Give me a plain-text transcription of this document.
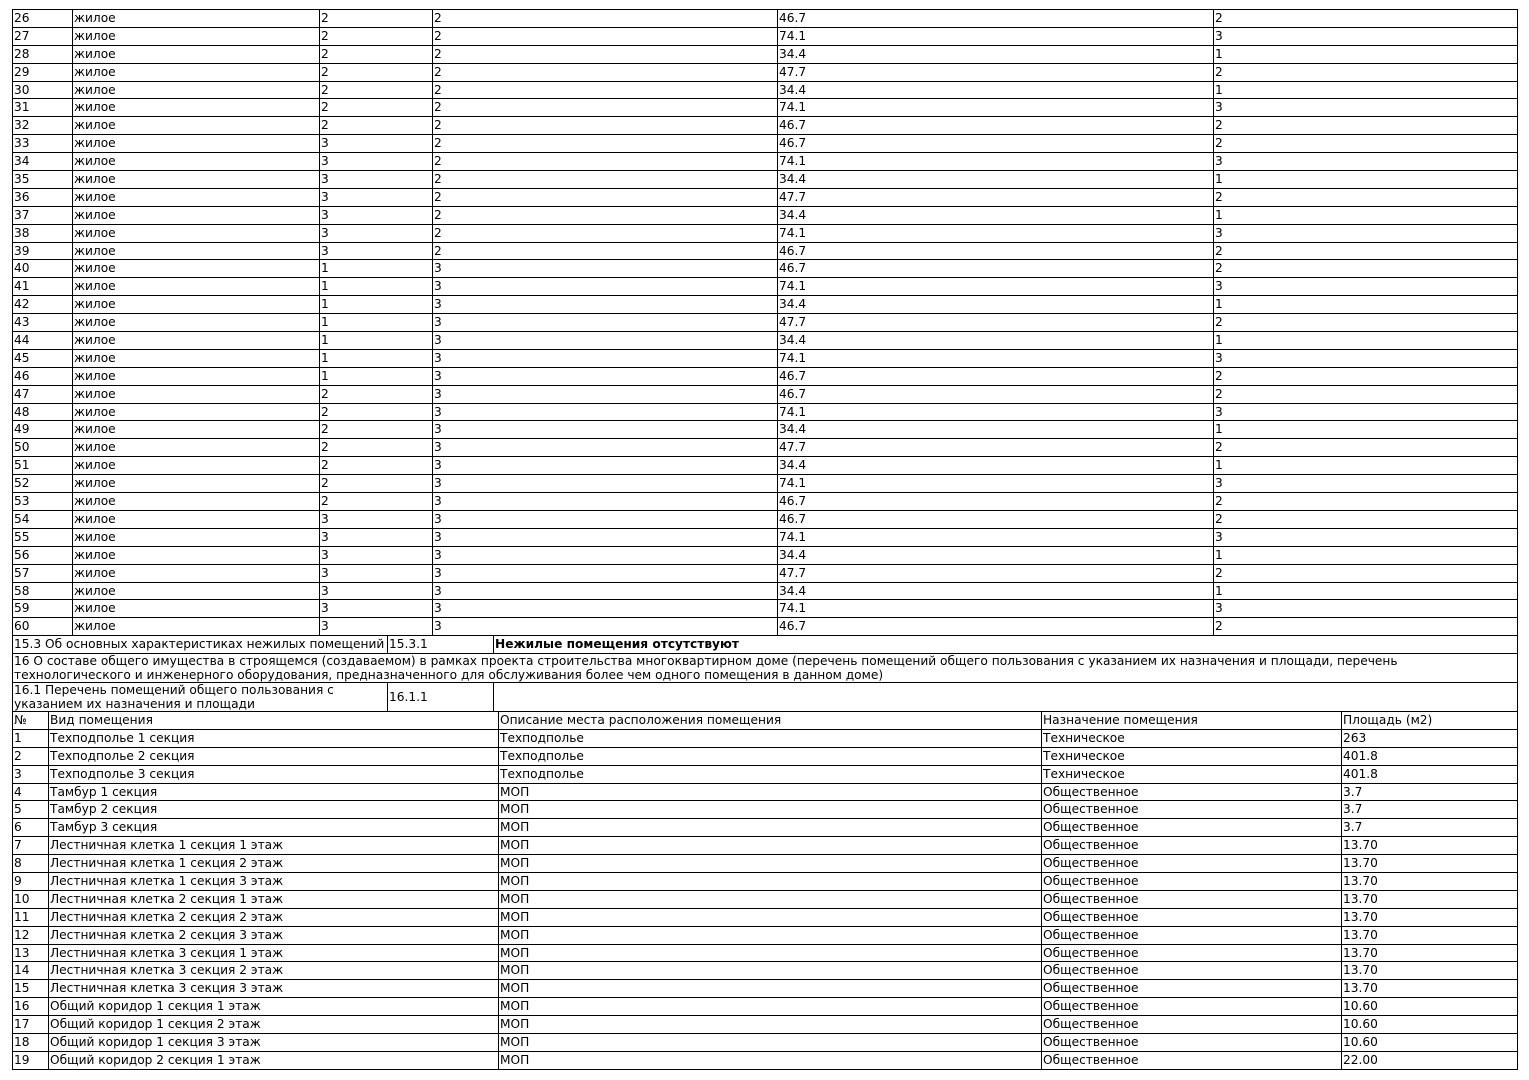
26	жилое	2	2	46.7	2
27	жилое	2	2	74.1	3
28	жилое	2	2	34.4	1
29	жилое	2	2	47.7	2
30	жилое	2	2	34.4	1
31	жилое	2	2	74.1	3
32	жилое	2	2	46.7	2
33	жилое	3	2	46.7	2
34	жилое	3	2	74.1	3
35	жилое	3	2	34.4	1
36	жилое	3	2	47.7	2
37	жилое	3	2	34.4	1
38	жилое	3	2	74.1	3
39	жилое	3	2	46.7	2
40	жилое	1	3	46.7	2
41	жилое	1	3	74.1	3
42	жилое	1	3	34.4	1
43	жилое	1	3	47.7	2
44	жилое	1	3	34.4	1
45	жилое	1	3	74.1	3
46	жилое	1	3	46.7	2
47	жилое	2	3	46.7	2
48	жилое	2	3	74.1	3
49	жилое	2	3	34.4	1
50	жилое	2	3	47.7	2
51	жилое	2	3	34.4	1
52	жилое	2	3	74.1	3
53	жилое	2	3	46.7	2
54	жилое	3	3	46.7	2
55	жилое	3	3	74.1	3
56	жилое	3	3	34.4	1
57	жилое	3	3	47.7	2
58	жилое	3	3	34.4	1
59	жилое	3	3	74.1	3
60	жилое	3	3	46.7	2
15.3 Об основных характеристиках нежилых помещений	15.3.1	Нежилые помещения отсутствуют
16 О составе общего имущества в строящемся (создаваемом) в рамках проекта строительства многоквартирном доме (перечень помещений общего пользования с указанием их назначения и площади, перечень технологического и инженерного оборудования, предназначенного для обслуживания более чем одного помещения в данном доме)		
16.1 Перечень помещений общего пользования с указанием их назначения и площади	16.1.1	
№	Вид помещения	Описание места расположения помещения	Назначение помещения	Площадь (м2)
1	Техподполье 1 секция	Техподполье	Техническое	263
2	Техподполье 2 секция	Техподполье	Техническое	401.8
3	Техподполье 3 секция	Техподполье	Техническое	401.8
4	Тамбур 1 секция	МОП	Общественное	3.7
5	Тамбур 2 секция	МОП	Общественное	3.7
6	Тамбур 3 секция	МОП	Общественное	3.7
7	Лестничная клетка 1 секция 1 этаж	МОП	Общественное	13.70
8	Лестничная клетка 1 секция 2 этаж	МОП	Общественное	13.70
9	Лестничная клетка 1 секция 3 этаж	МОП	Общественное	13.70
10	Лестничная клетка 2 секция 1 этаж	МОП	Общественное	13.70
11	Лестничная клетка 2 секция 2 этаж	МОП	Общественное	13.70
12	Лестничная клетка 2 секция 3 этаж	МОП	Общественное	13.70
13	Лестничная клетка 3 секция 1 этаж	МОП	Общественное	13.70
14	Лестничная клетка 3 секция 2 этаж	МОП	Общественное	13.70
15	Лестничная клетка 3 секция 3 этаж	МОП	Общественное	13.70
16	Общий коридор 1 секция 1 этаж	МОП	Общественное	10.60
17	Общий коридор 1 секция 2 этаж	МОП	Общественное	10.60
18	Общий коридор 1 секция 3 этаж	МОП	Общественное	10.60
19	Общий коридор 2 секция 1 этаж	МОП	Общественное	22.00
